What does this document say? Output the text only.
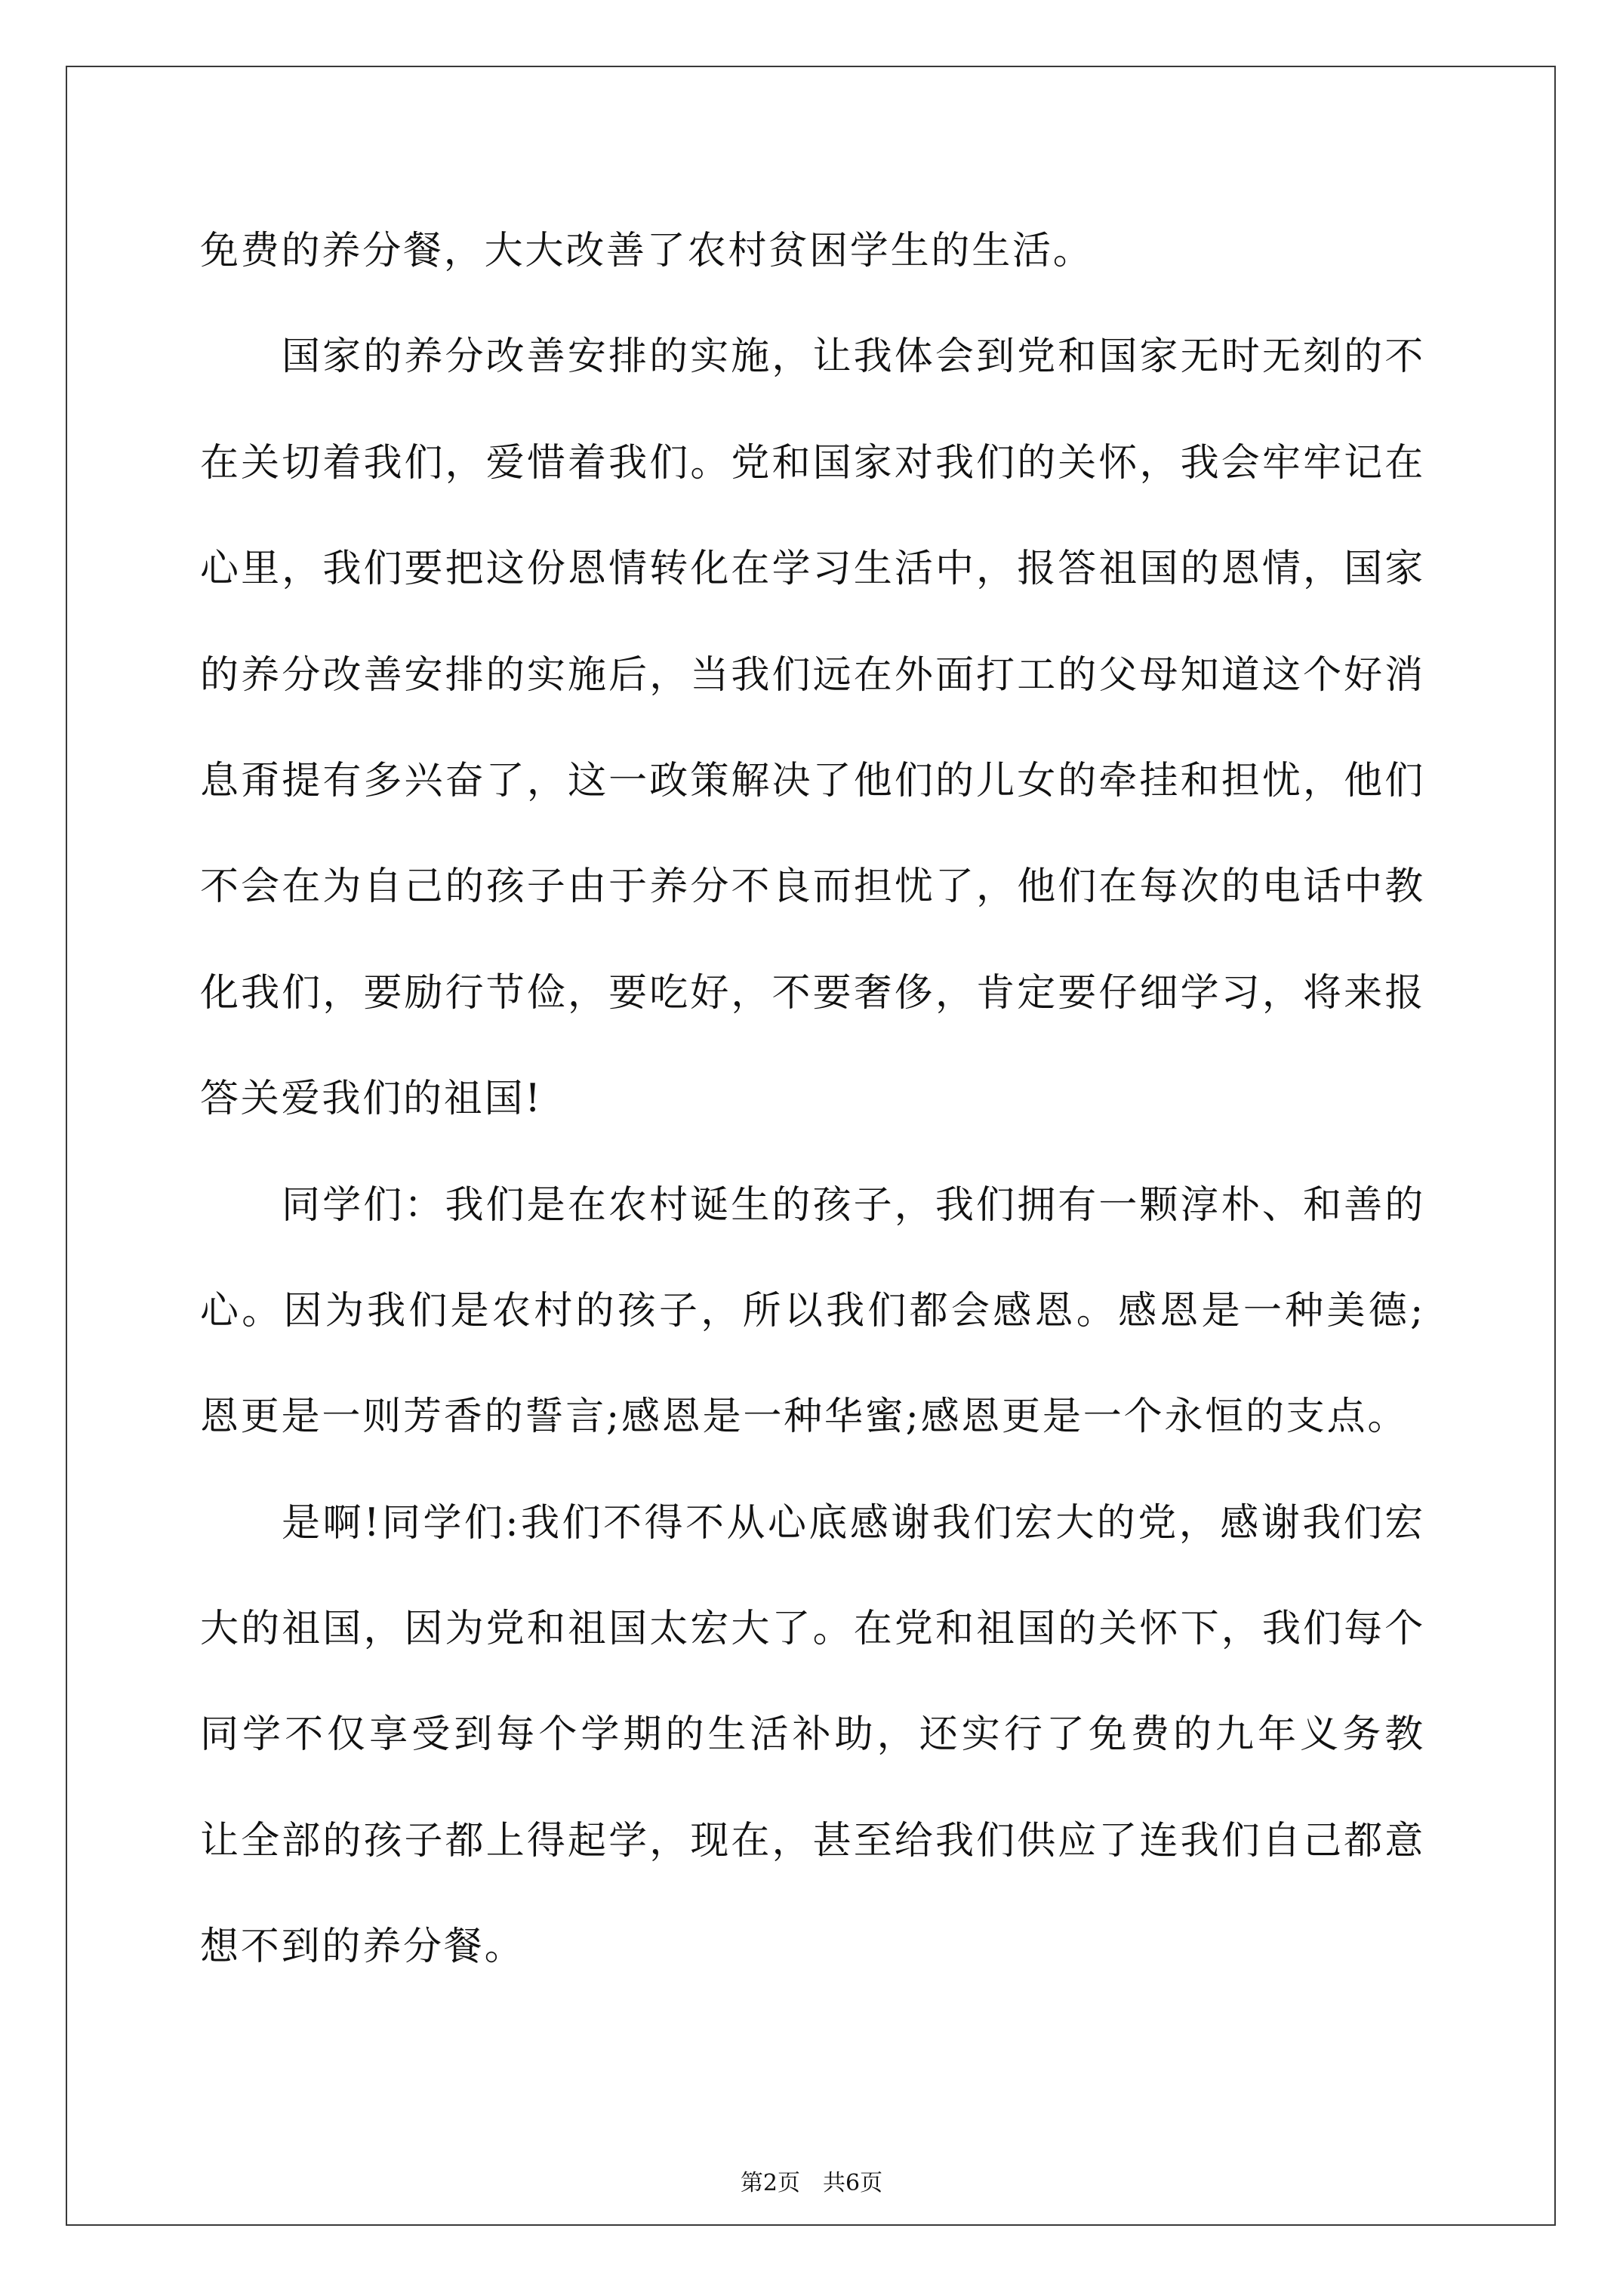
免费的养分餐，大大改善了农村贫困学生的生活。
国家的养分改善安排的实施，让我体会到党和国家无时无刻的不
在关切着我们，爱惜着我们。党和国家对我们的关怀，我会牢牢记在
心里，我们要把这份恩情转化在学习生活中，报答祖国的恩情，国家
的养分改善安排的实施后，当我们远在外面打工的父母知道这个好消
息甭提有多兴奋了，这一政策解决了他们的儿女的牵挂和担忧，他们
不会在为自己的孩子由于养分不良而担忧了，他们在每次的电话中教
化我们，要励行节俭，要吃好，不要奢侈，肯定要仔细学习，将来报
答关爱我们的祖国!
同学们：我们是在农村诞生的孩子，我们拥有一颗淳朴、和善的
心。因为我们是农村的孩子，所以我们都会感恩。感恩是一种美德;
恩更是一则芳香的誓言;感恩是一种华蜜;感恩更是一个永恒的支点。
是啊!同学们:我们不得不从心底感谢我们宏大的党，感谢我们宏
大的祖国，因为党和祖国太宏大了。在党和祖国的关怀下，我们每个
同学不仅享受到每个学期的生活补助，还实行了免费的九年义务教
让全部的孩子都上得起学，现在，甚至给我们供应了连我们自己都意
想不到的养分餐。
第2页　共6页
